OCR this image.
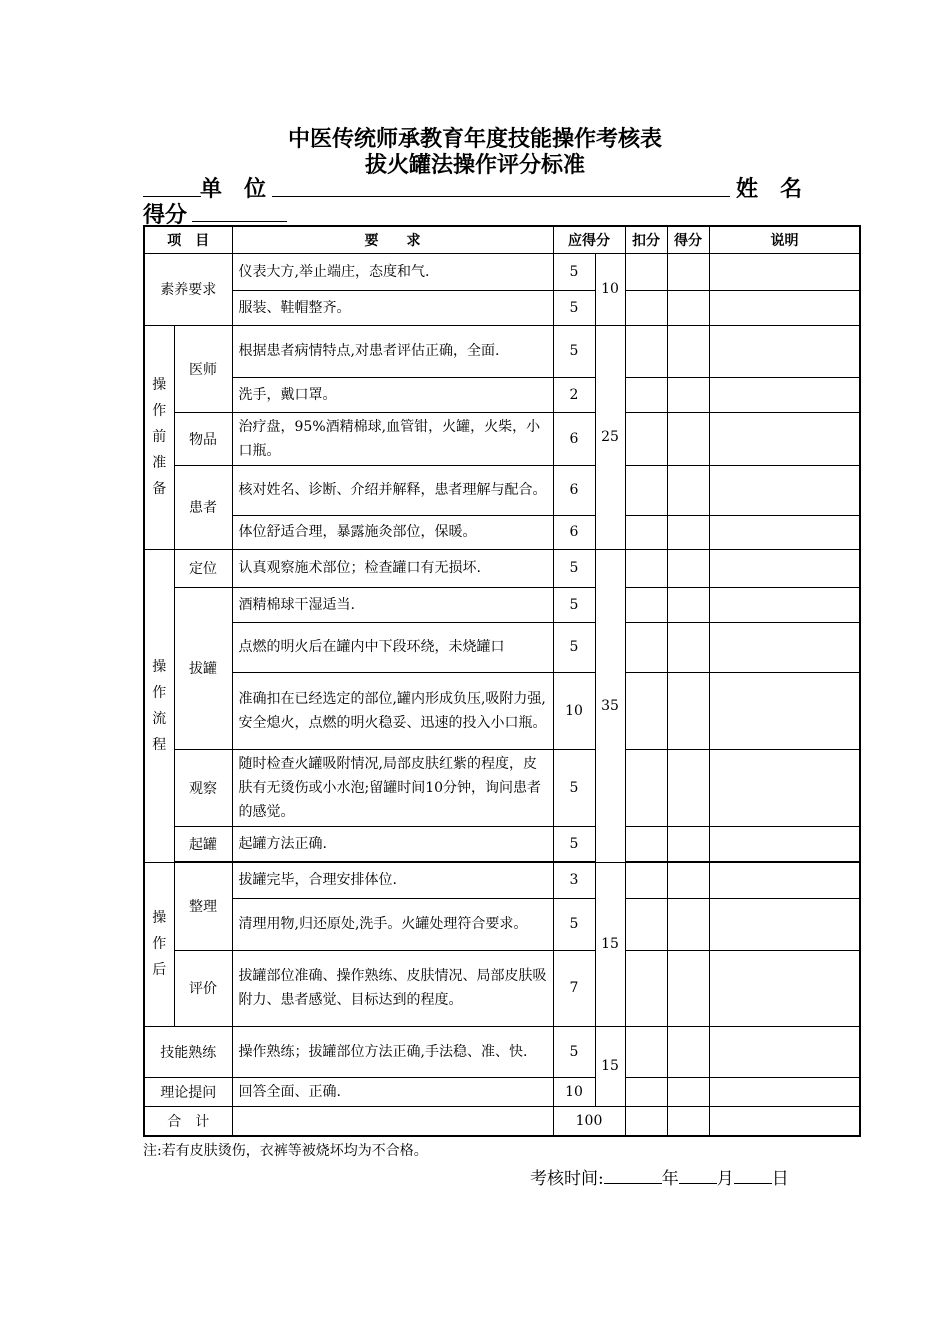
中医传统师承教育年度技能操作考核表
拔火罐法操作评分标准
单　位	姓　名
得分
项　目		要　　求	应得分		扣分	得分	说明	
素养要求		仪表大方,举止端庄，态度和气.	5	10				
		服装、鞋帽整齐。	5					
操作前准备	医师	根据患者病情特点,对患者评估正确，全面.	5	25				
		洗手，戴口罩。	2					
	物品	治疗盘，95%酒精棉球,血管钳，火罐，火柴，小口瓶。	6					
	患者	核对姓名、诊断、介绍并解释，患者理解与配合。	6					
		体位舒适合理，暴露施灸部位，保暖。	6					
操作流程	定位	认真观察施术部位；检查罐口有无损坏.	5	35				
	拔罐	酒精棉球干湿适当.	5					
		点燃的明火后在罐内中下段环绕，未烧罐口	5					
		准确扣在已经选定的部位,罐内形成负压,吸附力强,安全熄火，点燃的明火稳妥、迅速的投入小口瓶。	10					
	观察	随时检查火罐吸附情况,局部皮肤红紫的程度，皮肤有无烫伤或小水泡;留罐时间10分钟，询问患者的感觉。	5					
	起罐	起罐方法正确.	5					

操作后	整理	拔罐完毕，合理安排体位.	3	15				
		清理用物,归还原处,洗手。火罐处理符合要求。	5					
	评价	拔罐部位准确、操作熟练、皮肤情况、局部皮肤吸附力、患者感觉、目标达到的程度。	7					
技能熟练		操作熟练；拔罐部位方法正确,手法稳、准、快.	5	15				
理论提问		回答全面、正确.	10					
合　计			100					
注:若有皮肤烫伤，衣裤等被烧坏均为不合格。
考核时间:	年 月 日
